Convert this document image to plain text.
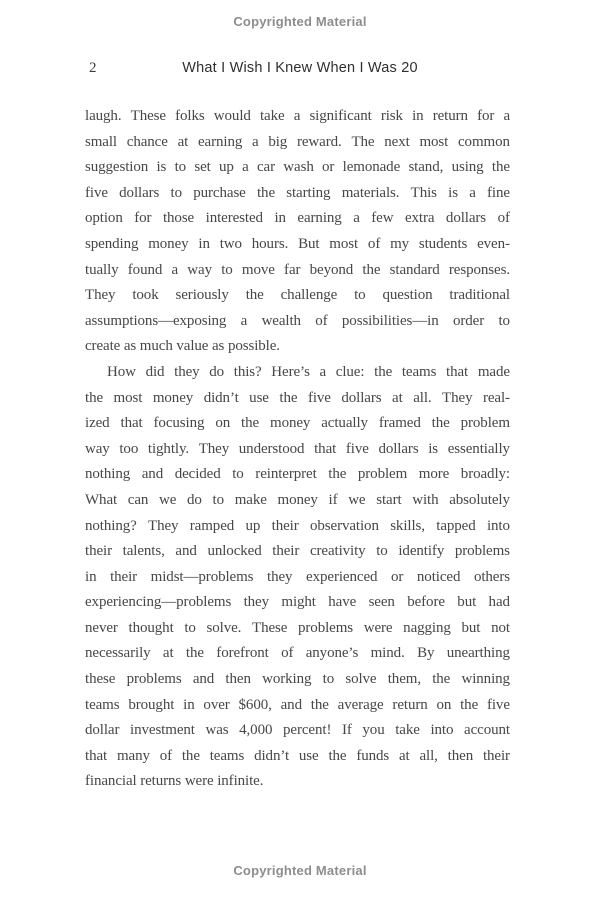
Copyrighted Material
2	What I Wish I Knew When I Was 20
laugh. These folks would take a significant risk in return for a
small chance at earning a big reward. The next most common
suggestion is to set up a car wash or lemonade stand, using the
five dollars to purchase the starting materials. This is a fine
option for those interested in earning a few extra dollars of
spending money in two hours. But most of my students even-
tually found a way to move far beyond the standard responses.
They took seriously the challenge to question traditional
assumptions—exposing a wealth of possibilities—in order to
create as much value as possible.
How did they do this? Here’s a clue: the teams that made
the most money didn’t use the five dollars at all. They real-
ized that focusing on the money actually framed the problem
way too tightly. They understood that five dollars is essentially
nothing and decided to reinterpret the problem more broadly:
What can we do to make money if we start with absolutely
nothing? They ramped up their observation skills, tapped into
their talents, and unlocked their creativity to identify problems
in their midst—problems they experienced or noticed others
experiencing—problems they might have seen before but had
never thought to solve. These problems were nagging but not
necessarily at the forefront of anyone’s mind. By unearthing
these problems and then working to solve them, the winning
teams brought in over $600, and the average return on the five
dollar investment was 4,000 percent! If you take into account
that many of the teams didn’t use the funds at all, then their
financial returns were infinite.
Copyrighted Material
